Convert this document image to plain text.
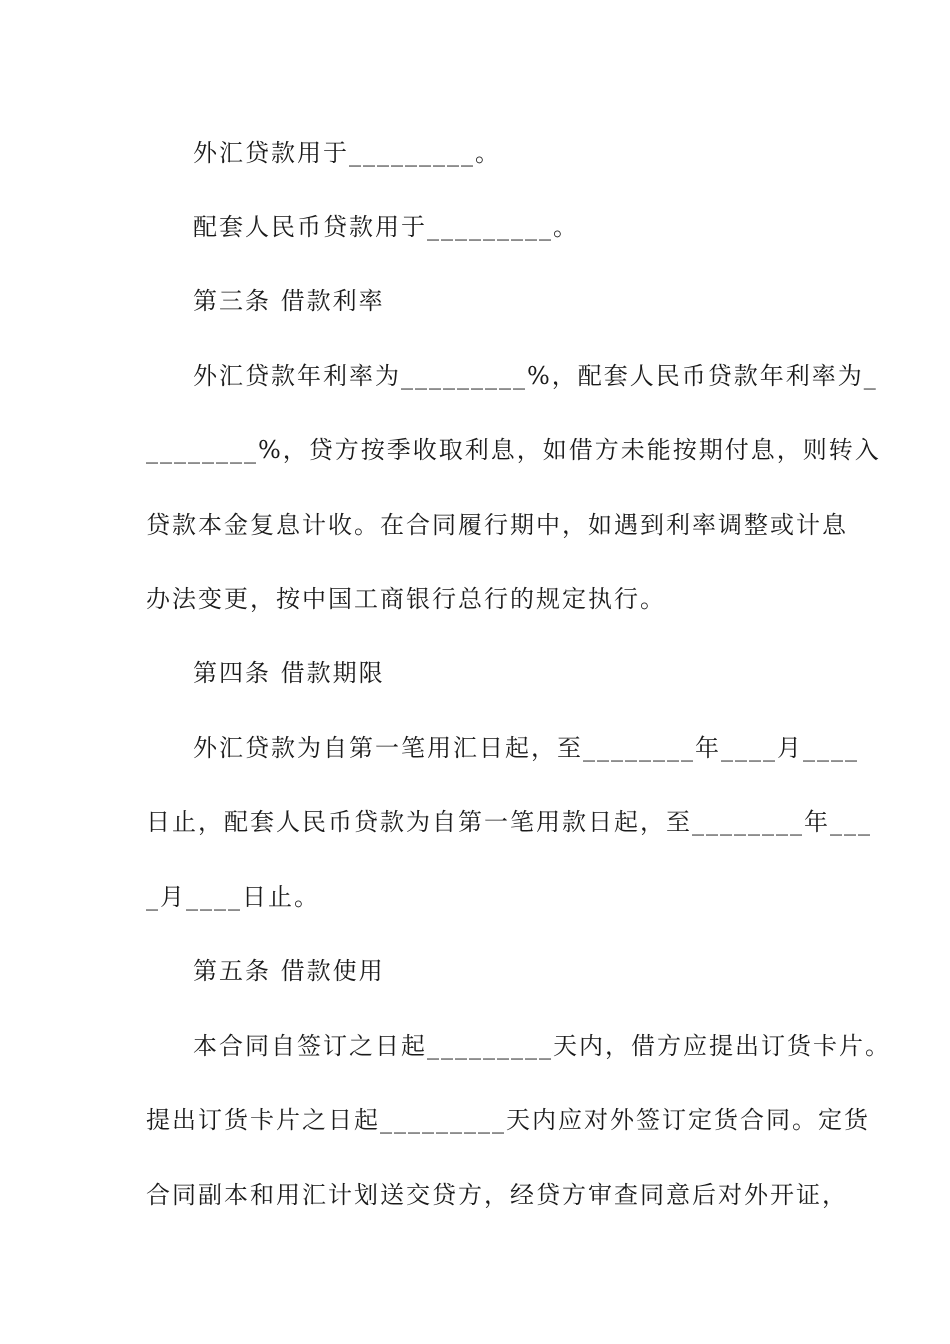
外汇贷款用于_________。
配套人民币贷款用于_________。
第三条 借款利率
外汇贷款年利率为_________%，配套人民币贷款年利率为_
________%，贷方按季收取利息，如借方未能按期付息，则转入
贷款本金复息计收。在合同履行期中，如遇到利率调整或计息
办法变更，按中国工商银行总行的规定执行。
第四条 借款期限
外汇贷款为自第一笔用汇日起，至________年____月____
日止，配套人民币贷款为自第一笔用款日起，至________年___
_月____日止。
第五条 借款使用
本合同自签订之日起_________天内，借方应提出订货卡片。
提出订货卡片之日起_________天内应对外签订定货合同。定货
合同副本和用汇计划送交贷方，经贷方审查同意后对外开证，
